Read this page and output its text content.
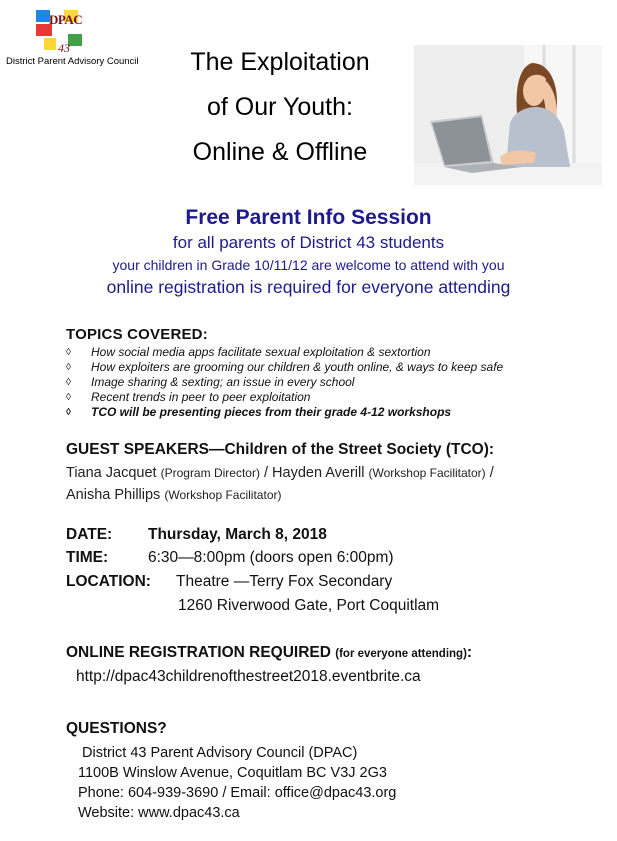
DPAC
43
District Parent Advisory Council	The Exploitation
of Our Youth:
Online & Offline
Free Parent Info Session
for all parents of District 43 students
your children in Grade 10/11/12 are welcome to attend with you
online registration is required for everyone attending
TOPICS COVERED:
◊ How social media apps facilitate sexual exploitation & sextortion
◊ How exploiters are grooming our children & youth online, & ways to keep safe
◊ Image sharing & sexting; an issue in every school
◊ Recent trends in peer to peer exploitation
◊ TCO will be presenting pieces from their grade 4-12 workshops
GUEST SPEAKERS—Children of the Street Society (TCO):
Tiana Jacquet (Program Director) / Hayden Averill (Workshop Facilitator) /
Anisha Phillips (Workshop Facilitator)
DATE: Thursday, March 8, 2018
TIME:	6:30—8:00pm (doors open 6:00pm)
LOCATION: Theatre —Terry Fox Secondary
1260 Riverwood Gate, Port Coquitlam
ONLINE REGISTRATION REQUIRED (for everyone attending):
http://dpac43childrenofthestreet2018.eventbrite.ca
QUESTIONS?
District 43 Parent Advisory Council (DPAC)
1100B Winslow Avenue, Coquitlam BC V3J 2G3
Phone: 604-939-3690 / Email: office@dpac43.org
Website: www.dpac43.ca
